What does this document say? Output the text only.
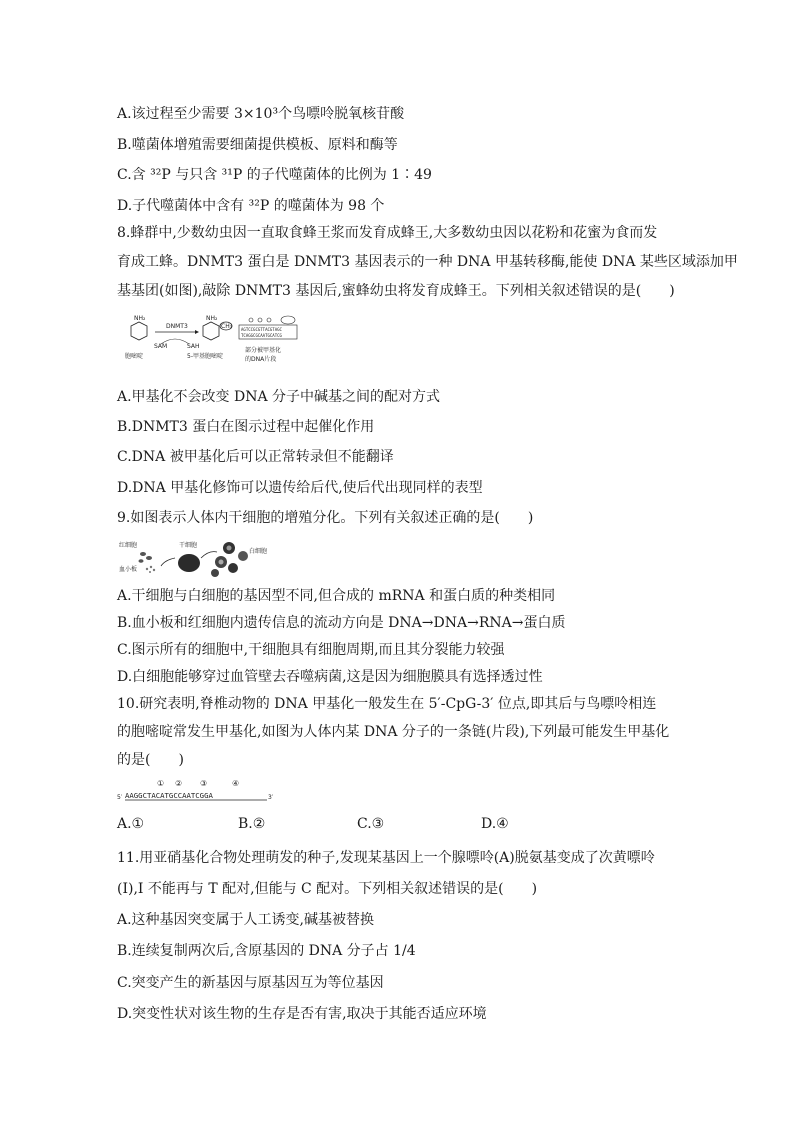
A.该过程至少需要 3×10³个鸟嘌呤脱氧核苷酸
B.噬菌体增殖需要细菌提供模板、原料和酶等
C.含 ³²P 与只含 ³¹P 的子代噬菌体的比例为 1∶49
D.子代噬菌体中含有 ³²P 的噬菌体为 98 个
8.蜂群中,少数幼虫因一直取食蜂王浆而发育成蜂王,大多数幼虫因以花粉和花蜜为食而发
育成工蜂。DNMT3 蛋白是 DNMT3 基因表示的一种 DNA 甲基转移酶,能使 DNA 某些区域添加甲
基基团(如图),敲除 DNMT3 基因后,蜜蜂幼虫将发育成蜂王。下列相关叙述错误的是(　　)
NH₂
胞嘧啶
DNMT3
SAM	SAH
NH₂
CH₃
5-甲基胞嘧啶
AGTCCGCGTTACGTAGC
TCAGGCGCAATGCATCG
部分被甲基化
的DNA片段
A.甲基化不会改变 DNA 分子中碱基之间的配对方式
B.DNMT3 蛋白在图示过程中起催化作用
C.DNA 被甲基化后可以正常转录但不能翻译
D.DNA 甲基化修饰可以遗传给后代,使后代出现同样的表型
9.如图表示人体内干细胞的增殖分化。下列有关叙述正确的是(　　)
红细胞
血小板
干细胞
白细胞
A.干细胞与白细胞的基因型不同,但合成的 mRNA 和蛋白质的种类相同
B.血小板和红细胞内遗传信息的流动方向是 DNA→DNA→RNA→蛋白质
C.图示所有的细胞中,干细胞具有细胞周期,而且其分裂能力较强
D.白细胞能够穿过血管壁去吞噬病菌,这是因为细胞膜具有选择透过性
10.研究表明,脊椎动物的 DNA 甲基化一般发生在 5′-CpG-3′ 位点,即其后与鸟嘌呤相连
的胞嘧啶常发生甲基化,如图为人体内某 DNA 分子的一条链(片段),下列最可能发生甲基化
的是(　　)
① ② ③	④
5′ AAGGCTACATGCCAATCGGA	3′
A.①	B.②	C.③	D.④
11.用亚硝基化合物处理萌发的种子,发现某基因上一个腺嘌呤(A)脱氨基变成了次黄嘌呤
(I),I 不能再与 T 配对,但能与 C 配对。下列相关叙述错误的是(　　)
A.这种基因突变属于人工诱变,碱基被替换
B.连续复制两次后,含原基因的 DNA 分子占 1/4
C.突变产生的新基因与原基因互为等位基因
D.突变性状对该生物的生存是否有害,取决于其能否适应环境
